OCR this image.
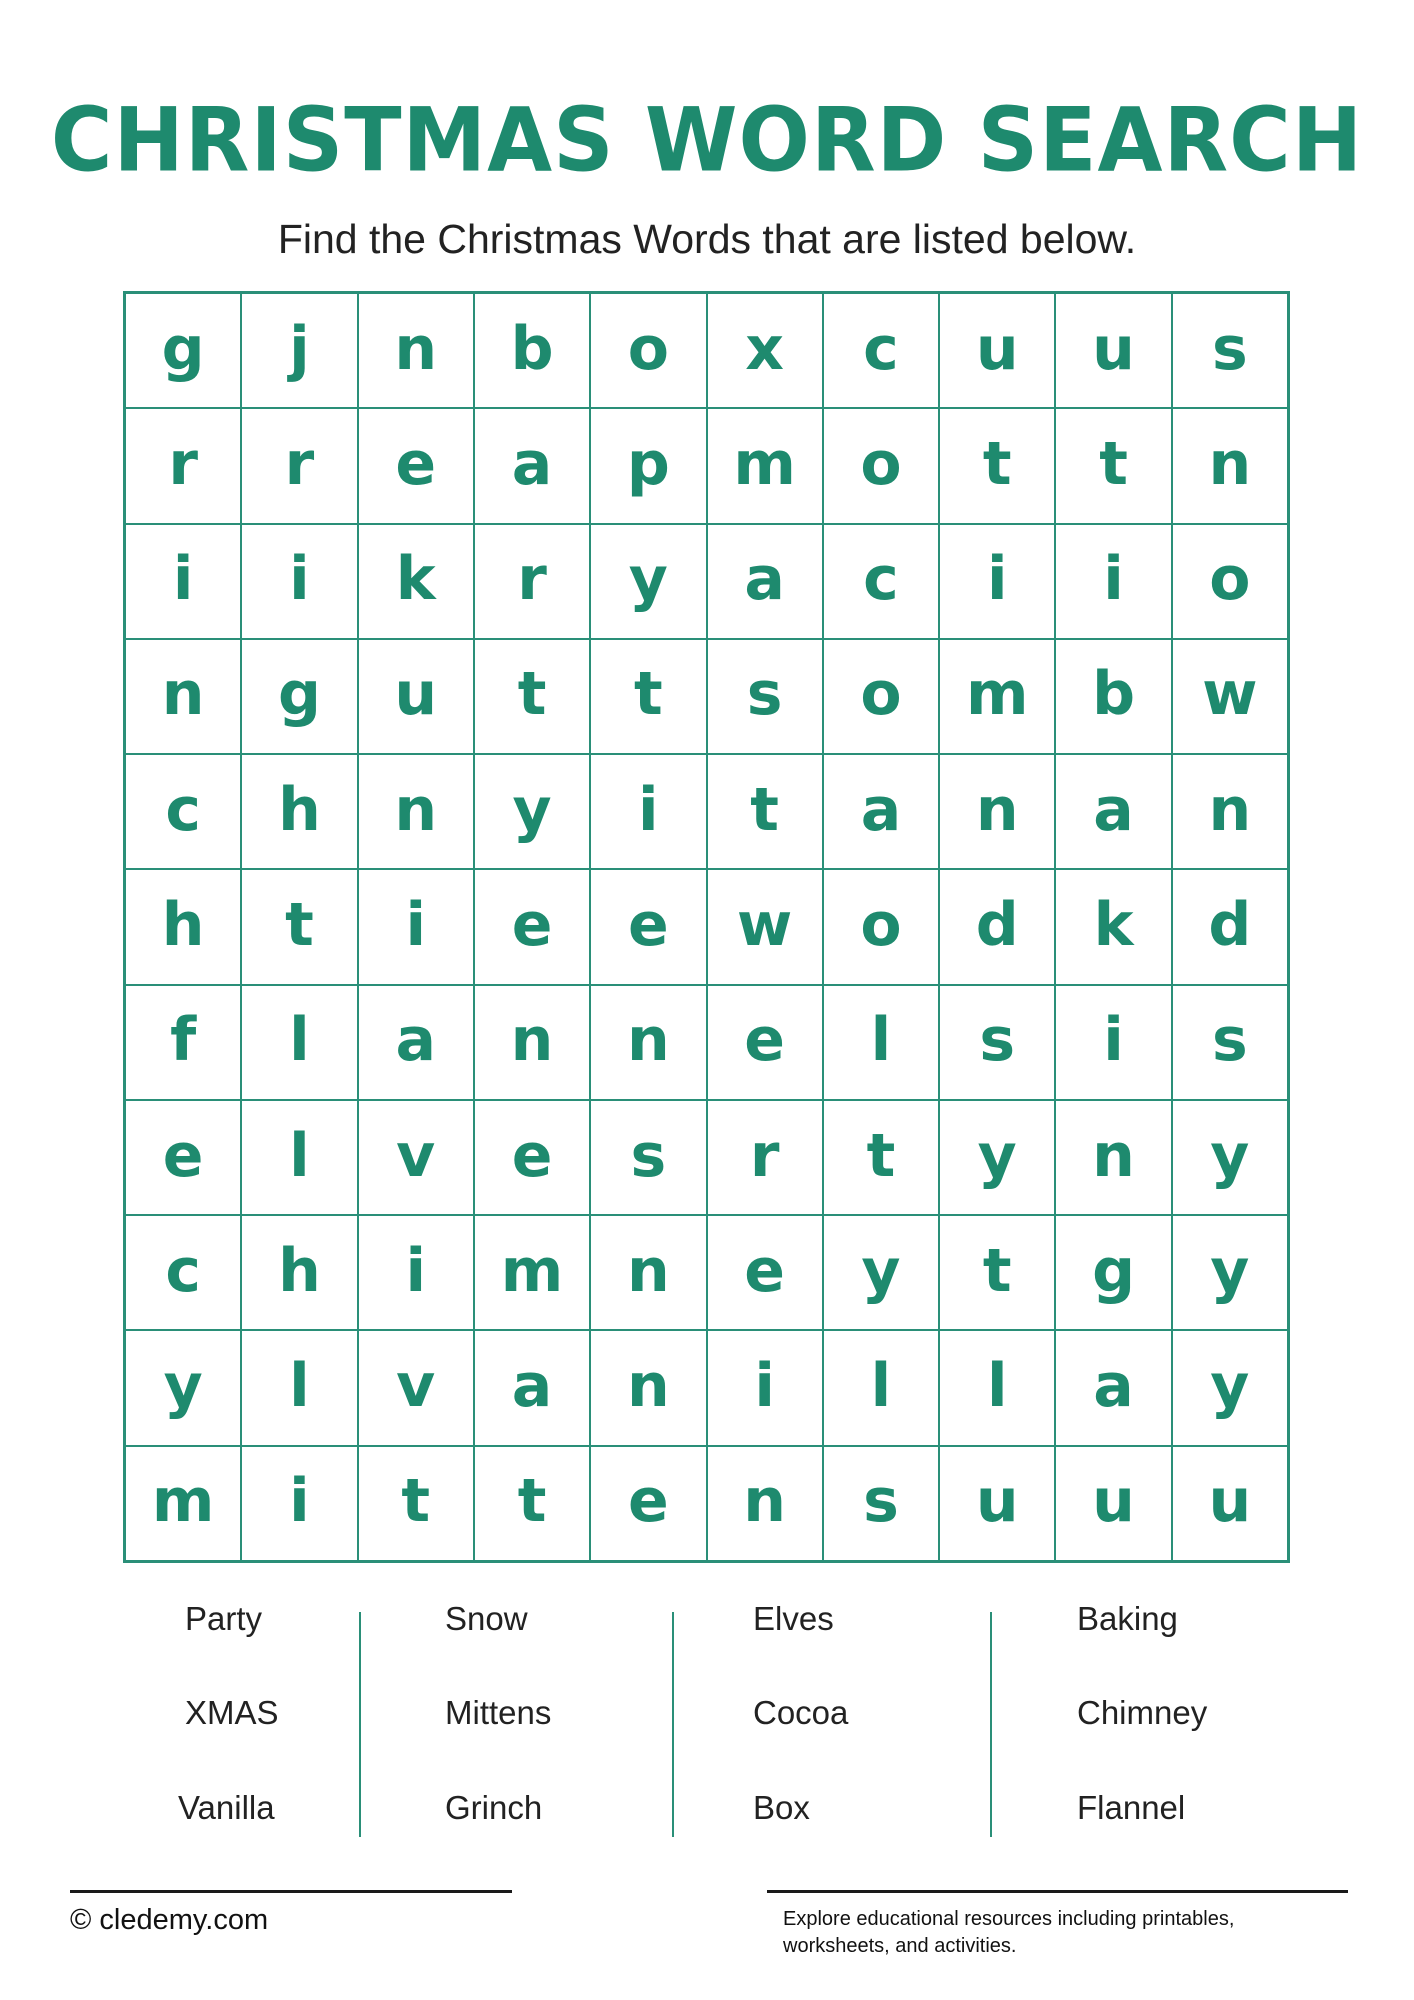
CHRISTMAS WORD SEARCH
Find the Christmas Words that are listed below.
g	j	n	b	o	x	c	u	u	s
r	r	e	a	p	m	o	t	t	n
i	i	k	r	y	a	c	i	i	o
n	g	u	t	t	s	o	m	b	w
c	h	n	y	i	t	a	n	a	n
h	t	i	e	e	w	o	d	k	d
f	l	a	n	n	e	l	s	i	s
e	l	v	e	s	r	t	y	n	y
c	h	i	m	n	e	y	t	g	y
y	l	v	a	n	i	l	l	a	y
m	i	t	t	e	n	s	u	u	u
Party
XMAS
Vanilla
Snow
Mittens
Grinch
Elves
Cocoa
Box
Baking
Chimney
Flannel
© cledemy.com	Explore educational resources including printables, worksheets, and activities.
